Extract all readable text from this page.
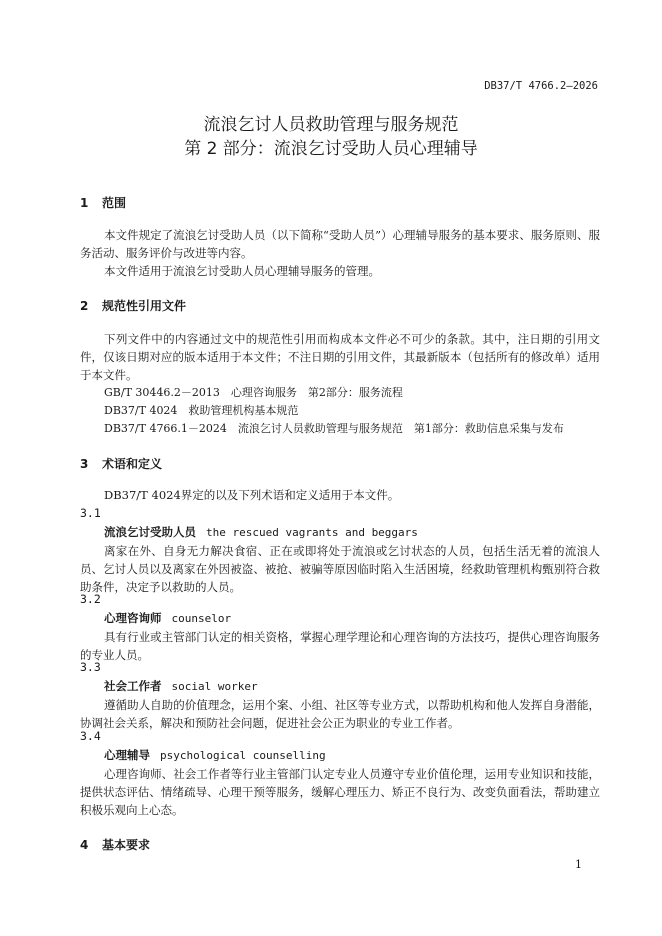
DB37/T 4766.2—2026
流浪乞讨人员救助管理与服务规范
第 2 部分：流浪乞讨受助人员心理辅导
1 范围
本文件规定了流浪乞讨受助人员（以下简称“受助人员”）心理辅导服务的基本要求、服务原则、服务活动、服务评价与改进等内容。
本文件适用于流浪乞讨受助人员心理辅导服务的管理。
2 规范性引用文件
下列文件中的内容通过文中的规范性引用而构成本文件必不可少的条款。其中，注日期的引用文件，仅该日期对应的版本适用于本文件；不注日期的引用文件，其最新版本（包括所有的修改单）适用于本文件。
GB/T 30446.2－2013　心理咨询服务　第2部分：服务流程
DB37/T 4024　救助管理机构基本规范
DB37/T 4766.1－2024　流浪乞讨人员救助管理与服务规范　第1部分：救助信息采集与发布
3 术语和定义
DB37/T 4024界定的以及下列术语和定义适用于本文件。
3.1
流浪乞讨受助人员 the rescued vagrants and beggars
离家在外、自身无力解决食宿、正在或即将处于流浪或乞讨状态的人员，包括生活无着的流浪人员、乞讨人员以及离家在外因被盗、被抢、被骗等原因临时陷入生活困境，经救助管理机构甄别符合救助条件，决定予以救助的人员。
3.2
心理咨询师 counselor
具有行业或主管部门认定的相关资格，掌握心理学理论和心理咨询的方法技巧，提供心理咨询服务的专业人员。
3.3
社会工作者 social worker
遵循助人自助的价值理念，运用个案、小组、社区等专业方式，以帮助机构和他人发挥自身潜能，协调社会关系，解决和预防社会问题，促进社会公正为职业的专业工作者。
3.4
心理辅导 psychological counselling
心理咨询师、社会工作者等行业主管部门认定专业人员遵守专业价值伦理，运用专业知识和技能，提供状态评估、情绪疏导、心理干预等服务，缓解心理压力、矫正不良行为、改变负面看法，帮助建立积极乐观向上心态。
4 基本要求
1
